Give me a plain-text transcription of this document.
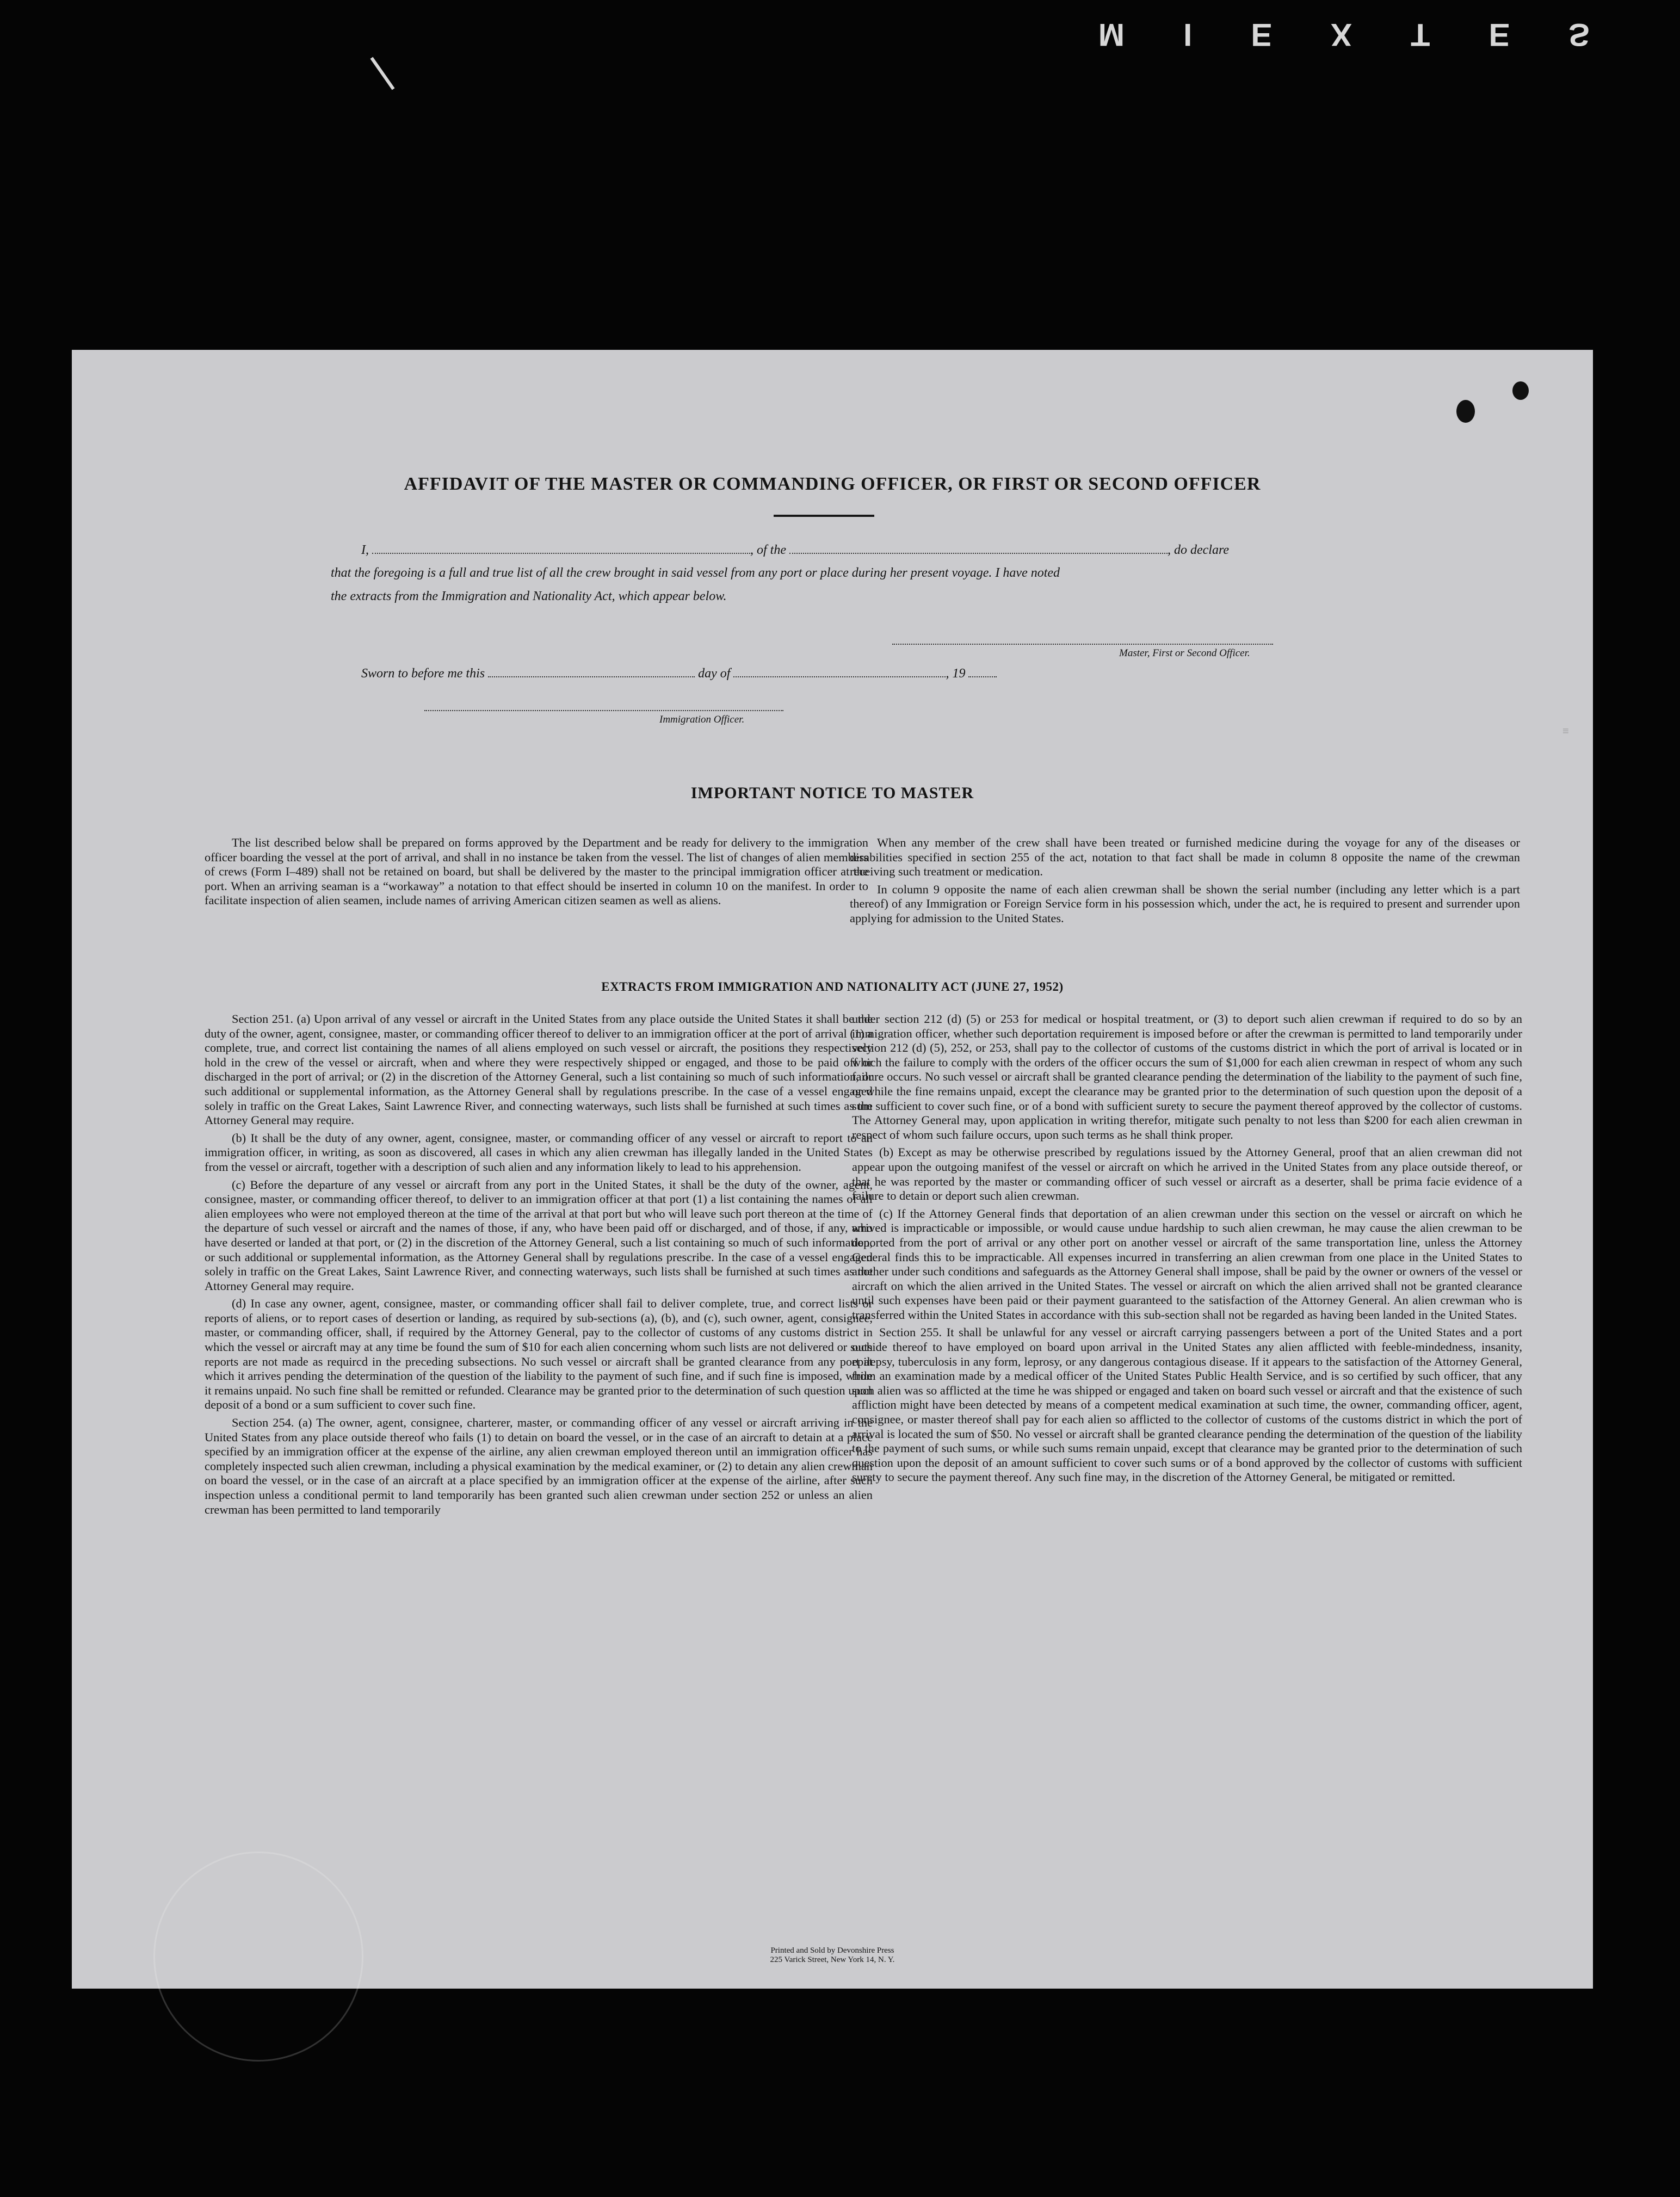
M I E X T E S
≡
AFFIDAVIT OF THE MASTER OR COMMANDING OFFICER, OR FIRST OR SECOND OFFICER
I,	, of the	, do declare
that the foregoing is a full and true list of all the crew brought in said vessel from any port or place during her present voyage. I have noted
the extracts from the Immigration and Nationality Act, which appear below.
Master, First or Second Officer.
Sworn to before me this	day of	, 19
Immigration Officer.
IMPORTANT NOTICE TO MASTER

The list described below shall be prepared on forms approved by the Department and be ready for delivery to the immigration officer boarding the vessel at the port of arrival, and shall in no instance be taken from the vessel. The list of changes of alien members of crews (Form I–489) shall not be retained on board, but shall be delivered by the master to the principal immigration officer at the port. When an arriving seaman is a “workaway” a notation to that effect should be inserted in column 10 on the manifest. In order to facilitate inspection of alien seamen, include names of arriving American citizen seamen as well as aliens.

When any member of the crew shall have been treated or furnished medicine during the voyage for any of the diseases or disabilities specified in section 255 of the act, notation to that fact shall be made in column 8 opposite the name of the crewman receiving such treatment or medication.

In column 9 opposite the name of each alien crewman shall be shown the serial number (including any letter which is a part thereof) of any Immigration or Foreign Service form in his possession which, under the act, he is required to present and surrender upon applying for admission to the United States.

EXTRACTS FROM IMMIGRATION AND NATIONALITY ACT (JUNE 27, 1952)

Section 251. (a) Upon arrival of any vessel or aircraft in the United States from any place outside the United States it shall be the duty of the owner, agent, consignee, master, or commanding officer thereof to deliver to an immigration officer at the port of arrival (1) a complete, true, and correct list containing the names of all aliens employed on such vessel or aircraft, the positions they respectively hold in the crew of the vessel or aircraft, when and where they were respectively shipped or engaged, and those to be paid off or discharged in the port of arrival; or (2) in the discretion of the Attorney General, such a list containing so much of such information, or such additional or supplemental information, as the Attorney General shall by regulations prescribe. In the case of a vessel engaged solely in traffic on the Great Lakes, Saint Lawrence River, and connecting waterways, such lists shall be furnished at such times as the Attorney General may require.

(b) It shall be the duty of any owner, agent, consignee, master, or commanding officer of any vessel or aircraft to report to an immigration officer, in writing, as soon as discovered, all cases in which any alien crewman has illegally landed in the United States from the vessel or aircraft, together with a description of such alien and any information likely to lead to his apprehension.

(c) Before the departure of any vessel or aircraft from any port in the United States, it shall be the duty of the owner, agent, consignee, master, or commanding officer thereof, to deliver to an immigration officer at that port (1) a list containing the names of all alien employees who were not employed thereon at the time of the arrival at that port but who will leave such port thereon at the time of the departure of such vessel or aircraft and the names of those, if any, who have been paid off or discharged, and of those, if any, who have deserted or landed at that port, or (2) in the discretion of the Attorney General, such a list containing so much of such information, or such additional or supplemental information, as the Attorney General shall by regulations prescribe. In the case of a vessel engaged solely in traffic on the Great Lakes, Saint Lawrence River, and connecting waterways, such lists shall be furnished at such times as the Attorney General may require.

(d) In case any owner, agent, consignee, master, or commanding officer shall fail to deliver complete, true, and correct lists or reports of aliens, or to report cases of desertion or landing, as required by sub-sections (a), (b), and (c), such owner, agent, consignee, master, or commanding officer, shall, if required by the Attorney General, pay to the collector of customs of any customs district in which the vessel or aircraft may at any time be found the sum of $10 for each alien concerning whom such lists are not delivered or such reports are not made as requircd in the preceding subsections. No such vessel or aircraft shall be granted clearance from any port at which it arrives pending the determination of the question of the liability to the payment of such fine, and if such fine is imposed, while it remains unpaid. No such fine shall be remitted or refunded. Clearance may be granted prior to the determination of such question upon deposit of a bond or a sum sufficient to cover such fine.

Section 254. (a) The owner, agent, consignee, charterer, master, or commanding officer of any vessel or aircraft arriving in the United States from any place outside thereof who fails (1) to detain on board the vessel, or in the case of an aircraft to detain at a place specified by an immigration officer at the expense of the airline, any alien crewman employed thereon until an immigration officer has completely inspected such alien crewman, including a physical examination by the medical examiner, or (2) to detain any alien crewman on board the vessel, or in the case of an aircraft at a place specified by an immigration officer at the expense of the airline, after such inspection unless a conditional permit to land temporarily has been granted such alien crewman under section 252 or unless an alien crewman has been permitted to land temporarily

under section 212 (d) (5) or 253 for medical or hospital treatment, or (3) to deport such alien crewman if required to do so by an immigration officer, whether such deportation requirement is imposed before or after the crewman is permitted to land temporarily under section 212 (d) (5), 252, or 253, shall pay to the collector of customs of the customs district in which the port of arrival is located or in which the failure to comply with the orders of the officer occurs the sum of $1,000 for each alien crewman in respect of whom any such failure occurs. No such vessel or aircraft shall be granted clearance pending the determination of the liability to the payment of such fine, or while the fine remains unpaid, except the clearance may be granted prior to the determination of such question upon the deposit of a sum sufficient to cover such fine, or of a bond with sufficient surety to secure the payment thereof approved by the collector of customs. The Attorney General may, upon application in writing therefor, mitigate such penalty to not less than $200 for each alien crewman in respect of whom such failure occurs, upon such terms as he shall think proper.

(b) Except as may be otherwise prescribed by regulations issued by the Attorney General, proof that an alien crewman did not appear upon the outgoing manifest of the vessel or aircraft on which he arrived in the United States from any place outside thereof, or that he was reported by the master or commanding officer of such vessel or aircraft as a deserter, shall be prima facie evidence of a failure to detain or deport such alien crewman.

(c) If the Attorney General finds that deportation of an alien crewman under this section on the vessel or aircraft on which he arrived is impracticable or impossible, or would cause undue hardship to such alien crewman, he may cause the alien crewman to be deported from the port of arrival or any other port on another vessel or aircraft of the same transportation line, unless the Attorney General finds this to be impracticable. All expenses incurred in transferring an alien crewman from one place in the United States to another under such conditions and safeguards as the Attorney General shall impose, shall be paid by the owner or owners of the vessel or aircraft on which the alien arrived in the United States. The vessel or aircraft on which the alien arrived shall not be granted clearance until such expenses have been paid or their payment guaranteed to the satisfaction of the Attorney General. An alien crewman who is transferred within the United States in accordance with this sub-section shall not be regarded as having been landed in the United States.

Section 255. It shall be unlawful for any vessel or aircraft carrying passengers between a port of the United States and a port outside thereof to have employed on board upon arrival in the United States any alien afflicted with feeble-mindedness, insanity, epilepsy, tuberculosis in any form, leprosy, or any dangerous contagious disease. If it appears to the satisfaction of the Attorney General, from an examination made by a medical officer of the United States Public Health Service, and is so certified by such officer, that any such alien was so afflicted at the time he was shipped or engaged and taken on board such vessel or aircraft and that the existence of such affliction might have been detected by means of a competent medical examination at such time, the owner, commanding officer, agent, consignee, or master thereof shall pay for each alien so afflicted to the collector of customs of the customs district in which the port of arrival is located the sum of $50. No vessel or aircraft shall be granted clearance pending the determination of the question of the liability to the payment of such sums, or while such sums remain unpaid, except that clearance may be granted prior to the determination of such question upon the deposit of an amount sufficient to cover such sums or of a bond approved by the collector of customs with sufficient surety to secure the payment thereof. Any such fine may, in the discretion of the Attorney General, be mitigated or remitted.

Printed and Sold by Devonshire Press
225 Varick Street, New York 14, N. Y.
